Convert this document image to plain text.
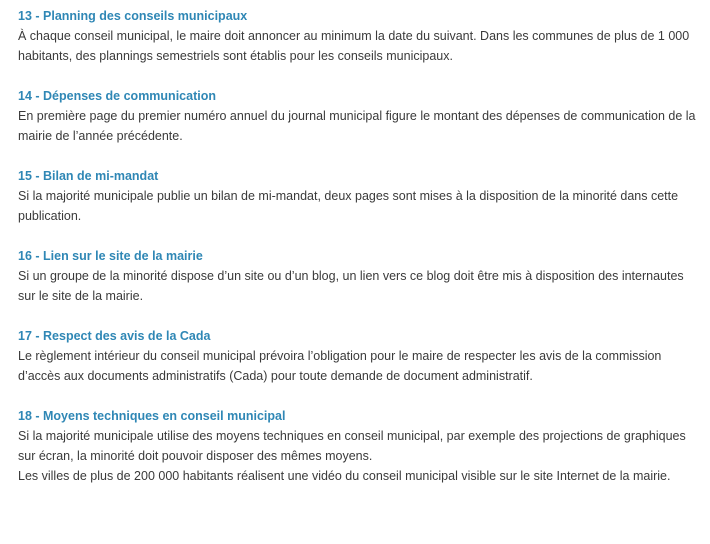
13 - Planning des conseils municipaux

À chaque conseil municipal, le maire doit annoncer au minimum la date du suivant. Dans les communes de plus de 1 000 habitants, des plannings semestriels sont établis pour les conseils municipaux.

14 - Dépenses de communication

En première page du premier numéro annuel du journal municipal figure le montant des dépenses de communication de la mairie de l’année précédente.

15 - Bilan de mi-mandat

Si la majorité municipale publie un bilan de mi-mandat, deux pages sont mises à la disposition de la minorité dans cette publication.

16 - Lien sur le site de la mairie

Si un groupe de la minorité dispose d’un site ou d’un blog, un lien vers ce blog doit être mis à disposition des internautes sur le site de la mairie.

17 - Respect des avis de la Cada

Le règlement intérieur du conseil municipal prévoira l’obligation pour le maire de respecter les avis de la commission d’accès aux documents administratifs (Cada) pour toute demande de document administratif.

18 - Moyens techniques en conseil municipal

Si la majorité municipale utilise des moyens techniques en conseil municipal, par exemple des projections de graphiques sur écran, la minorité doit pouvoir disposer des mêmes moyens.

Les villes de plus de 200 000 habitants réalisent une vidéo du conseil municipal visible sur le site Internet de la mairie.
